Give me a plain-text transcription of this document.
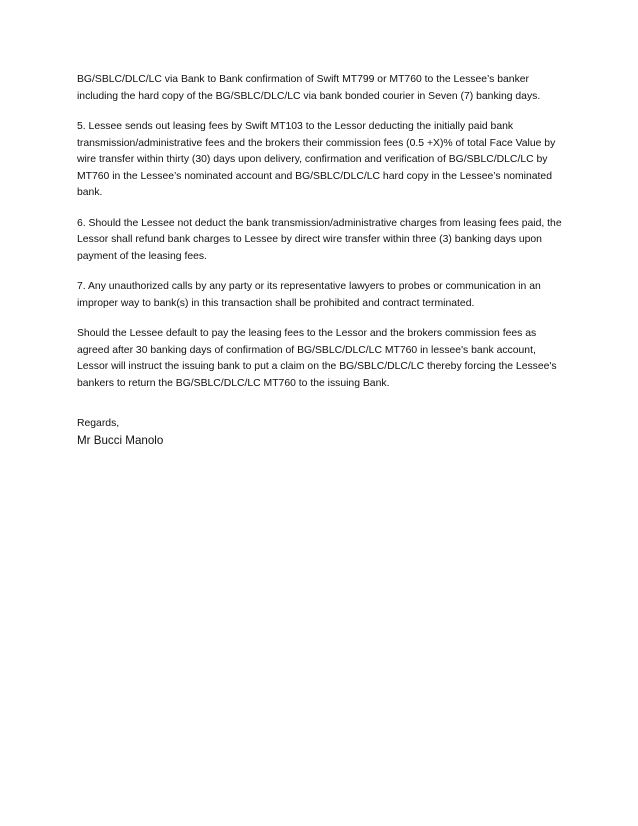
BG/SBLC/DLC/LC via Bank to Bank confirmation of Swift MT799 or MT760 to the Lessee’s banker including the hard copy of the BG/SBLC/DLC/LC via bank bonded courier in Seven (7) banking days.

5. Lessee sends out leasing fees by Swift MT103 to the Lessor deducting the initially paid bank transmission/administrative fees and the brokers their commission fees (0.5 +X)% of total Face Value by wire transfer within thirty (30) days upon delivery, confirmation and verification of BG/SBLC/DLC/LC by MT760 in the Lessee’s nominated account and BG/SBLC/DLC/LC hard copy in the Lessee’s nominated bank.

6. Should the Lessee not deduct the bank transmission/administrative charges from leasing fees paid, the Lessor shall refund bank charges to Lessee by direct wire transfer within three (3) banking days upon payment of the leasing fees.

7. Any unauthorized calls by any party or its representative lawyers to probes or communication in an improper way to bank(s) in this transaction shall be prohibited and contract terminated.

Should the Lessee default to pay the leasing fees to the Lessor and the brokers commission fees as agreed after 30 banking days of confirmation of BG/SBLC/DLC/LC MT760 in lessee's bank account, Lessor will instruct the issuing bank to put a claim on the BG/SBLC/DLC/LC thereby forcing the Lessee's bankers to return the BG/SBLC/DLC/LC MT760 to the issuing Bank.

Regards,

Mr Bucci Manolo
